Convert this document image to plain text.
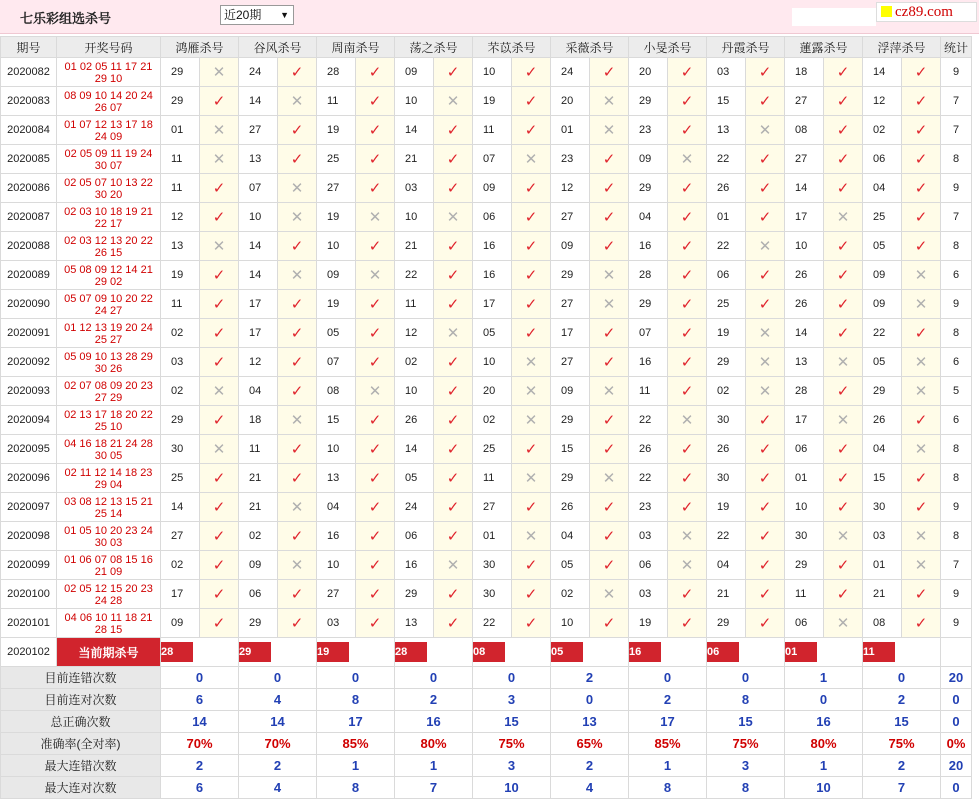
七乐彩组选杀号	近20期 ▼	cz89.com
期号	开奖号码	鸿雁杀号		谷风杀号		周南杀号		荡之杀号		芣苡杀号		采薇杀号		小旻杀号		丹霞杀号		蓮露杀号		浮萍杀号		统计
2020082	01 02 05 11 17 21 29 10	29	✕	24	✓	28	✓	09	✓	10	✓	24	✓	20	✓	03	✓	18	✓	14	✓	9
2020083	08 09 10 14 20 24 26 07	29	✓	14	✕	11	✓	10	✕	19	✓	20	✕	29	✓	15	✓	27	✓	12	✓	7
2020084	01 07 12 13 17 18 24 09	01	✕	27	✓	19	✓	14	✓	11	✓	01	✕	23	✓	13	✕	08	✓	02	✓	7
2020085	02 05 09 11 19 24 30 07	11	✕	13	✓	25	✓	21	✓	07	✕	23	✓	09	✕	22	✓	27	✓	06	✓	8
2020086	02 05 07 10 13 22 30 20	11	✓	07	✕	27	✓	03	✓	09	✓	12	✓	29	✓	26	✓	14	✓	04	✓	9
2020087	02 03 10 18 19 21 22 17	12	✓	10	✕	19	✕	10	✕	06	✓	27	✓	04	✓	01	✓	17	✕	25	✓	7
2020088	02 03 12 13 20 22 26 15	13	✕	14	✓	10	✓	21	✓	16	✓	09	✓	16	✓	22	✕	10	✓	05	✓	8
2020089	05 08 09 12 14 21 29 02	19	✓	14	✕	09	✕	22	✓	16	✓	29	✕	28	✓	06	✓	26	✓	09	✕	6
2020090	05 07 09 10 20 22 24 27	11	✓	17	✓	19	✓	11	✓	17	✓	27	✕	29	✓	25	✓	26	✓	09	✕	9
2020091	01 12 13 19 20 24 25 27	02	✓	17	✓	05	✓	12	✕	05	✓	17	✓	07	✓	19	✕	14	✓	22	✓	8
2020092	05 09 10 13 28 29 30 26	03	✓	12	✓	07	✓	02	✓	10	✕	27	✓	16	✓	29	✕	13	✕	05	✕	6
2020093	02 07 08 09 20 23 27 29	02	✕	04	✓	08	✕	10	✓	20	✕	09	✕	11	✓	02	✕	28	✓	29	✕	5
2020094	02 13 17 18 20 22 25 10	29	✓	18	✕	15	✓	26	✓	02	✕	29	✓	22	✕	30	✓	17	✕	26	✓	6
2020095	04 16 18 21 24 28 30 05	30	✕	11	✓	10	✓	14	✓	25	✓	15	✓	26	✓	26	✓	06	✓	04	✕	8
2020096	02 11 12 14 18 23 29 04	25	✓	21	✓	13	✓	05	✓	11	✕	29	✕	22	✓	30	✓	01	✓	15	✓	8
2020097	03 08 12 13 15 21 25 14	14	✓	21	✕	04	✓	24	✓	27	✓	26	✓	23	✓	19	✓	10	✓	30	✓	9
2020098	01 05 10 20 23 24 30 03	27	✓	02	✓	16	✓	06	✓	01	✕	04	✓	03	✕	22	✓	30	✕	03	✕	8
2020099	01 06 07 08 15 16 21 09	02	✓	09	✕	10	✓	16	✕	30	✓	05	✓	06	✕	04	✓	29	✓	01	✕	7
2020100	02 05 12 15 20 23 24 28	17	✓	06	✓	27	✓	29	✓	30	✓	02	✕	03	✓	21	✓	11	✓	21	✓	9
2020101	04 06 10 11 18 21 28 15	09	✓	29	✓	03	✓	13	✓	22	✓	10	✓	19	✓	29	✓	06	✕	08	✓	9
2020102	当前期杀号	28		29		19		28		08		05		16		06		01		11		
目前连错次数		0		0		0		0		0		2		0		0		1		0		20
目前连对次数		6		4		8		2		3		0		2		8		0		2		0
总正确次数		14		14		17		16		15		13		17		15		16		15		0
准确率(全对率)		70%		70%		85%		80%		75%		65%		85%		75%		80%		75%		0%
最大连错次数		2		2		1		1		3		2		1		3		1		2		20
最大连对次数		6		4		8		7		10		4		8		8		10		7		0
